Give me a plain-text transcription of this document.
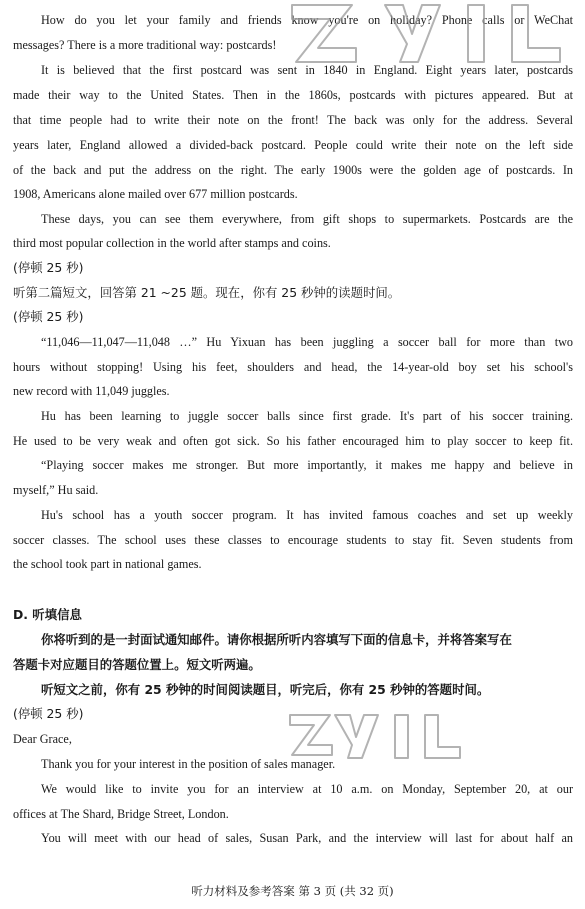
How do you let your family and friends know you're on holiday? Phone calls or WeChat
messages? There is a more traditional way: postcards!
It is believed that the first postcard was sent in 1840 in England. Eight years later, postcards
made their way to the United States. Then in the 1860s, postcards with pictures appeared. But at
that time people had to write their note on the front! The back was only for the address. Several
years later, England allowed a divided-back postcard. People could write their note on the left side
of the back and put the address on the right. The early 1900s were the golden age of postcards. In
1908, Americans alone mailed over 677 million postcards.
These days, you can see them everywhere, from gift shops to supermarkets. Postcards are the
third most popular collection in the world after stamps and coins.
(停顿 25 秒)
听第二篇短文，回答第 21 ~25 题。现在，你有 25 秒钟的读题时间。
(停顿 25 秒)
“11,046—11,047—11,048 …” Hu Yixuan has been juggling a soccer ball for more than two
hours without stopping! Using his feet, shoulders and head, the 14-year-old boy set his school's
new record with 11,049 juggles.
Hu has been learning to juggle soccer balls since first grade. It's part of his soccer training.
He used to be very weak and often got sick. So his father encouraged him to play soccer to keep fit.
“Playing soccer makes me stronger. But more importantly, it makes me happy and believe in
myself,” Hu said.
Hu's school has a youth soccer program. It has invited famous coaches and set up weekly
soccer classes. The school uses these classes to encourage students to stay fit. Seven students from
the school took part in national games.
D. 听填信息
你将听到的是一封面试通知邮件。请你根据所听内容填写下面的信息卡，并将答案写在
答题卡对应题目的答题位置上。短文听两遍。
听短文之前，你有 25 秒钟的时间阅读题目，听完后，你有 25 秒钟的答题时间。
(停顿 25 秒)
Dear Grace,
Thank you for your interest in the position of sales manager.
We would like to invite you for an interview at 10 a.m. on Monday, September 20, at our
offices at The Shard, Bridge Street, London.
You will meet with our head of sales, Susan Park, and the interview will last for about half an
听力材料及参考答案 第 3 页 (共 32 页)
